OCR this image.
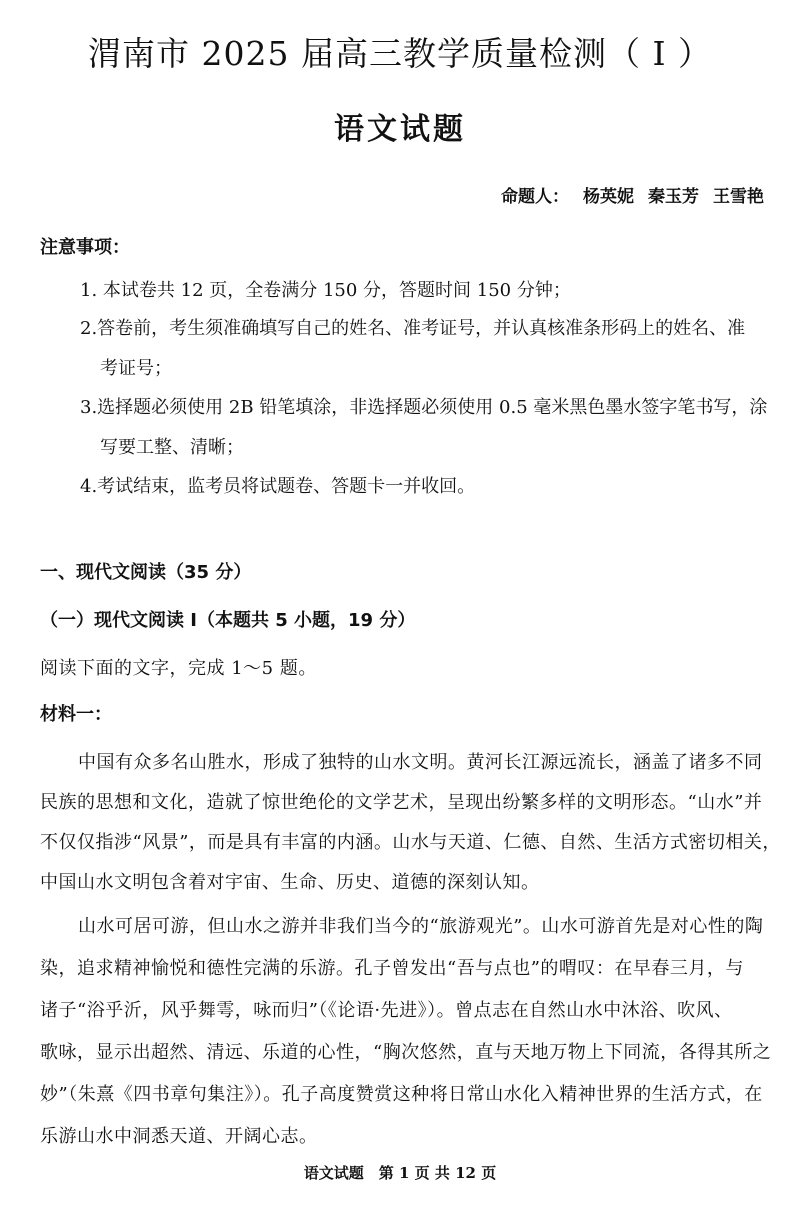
渭南市 2025 届高三教学质量检测（ I ）
语文试题
命题人： 杨英妮 秦玉芳 王雪艳
注意事项：
1. 本试卷共 12 页，全卷满分 150 分，答题时间 150 分钟；
2.答卷前，考生须准确填写自己的姓名、准考证号，并认真核准条形码上的姓名、准
考证号；
3.选择题必须使用 2B 铅笔填涂，非选择题必须使用 0.5 毫米黑色墨水签字笔书写，涂
写要工整、清晰；
4.考试结束，监考员将试题卷、答题卡一并收回。
一、现代文阅读（35 分）
（一）现代文阅读 I（本题共 5 小题，19 分）
阅读下面的文字，完成 1～5 题。
材料一：
中国有众多名山胜水，形成了独特的山水文明。黄河长江源远流长，涵盖了诸多不同
民族的思想和文化，造就了惊世绝伦的文学艺术，呈现出纷繁多样的文明形态。“山水”并
不仅仅指涉“风景”，而是具有丰富的内涵。山水与天道、仁德、自然、生活方式密切相关，
中国山水文明包含着对宇宙、生命、历史、道德的深刻认知。
山水可居可游，但山水之游并非我们当今的“旅游观光”。山水可游首先是对心性的陶
染，追求精神愉悦和德性完满的乐游。孔子曾发出“吾与点也”的喟叹：在早春三月，与
诸子“浴乎沂，风乎舞雩，咏而归”（《论语·先进》）。曾点志在自然山水中沐浴、吹风、
歌咏，显示出超然、清远、乐道的心性，“胸次悠然，直与天地万物上下同流，各得其所之
妙”（朱熹《四书章句集注》）。孔子高度赞赏这种将日常山水化入精神世界的生活方式，在
乐游山水中洞悉天道、开阔心志。
语文试题　第 1 页 共 12 页
